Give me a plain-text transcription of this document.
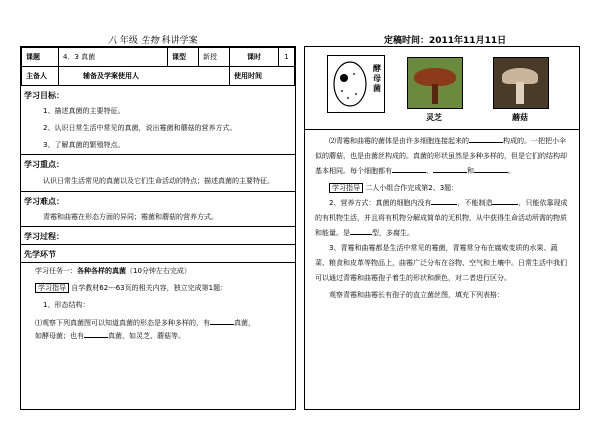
八 年级 生物 科讲学案	定稿时间：2011年11月11日
课题	4．3 真菌	课型	新授	课时	1
主备人	辅备及学案使用人			使用时间	
学习目标：
1、描述真菌的主要特征。
2、认识日常生活中常见的真菌，说出霉菌和蘑菇的营养方式。
3、了解真菌的繁殖特点。
学习重点：
认识日常生活常见的真菌以及它们生命活动的特点；描述真菌的主要特征。
学习难点：
青霉和曲霉在形态方面的异同；霉菌和蘑菇的营养方式。
学习过程：
先学环节
学习任务一：各种各样的真菌（10分钟左右完成）
学习指导 自学教材62---63页的相关内容，独立完成第1题：
1、形态结构：
⑴观察下列真菌图可以知道真菌的形态是多种多样的，有	真菌，
如酵母菌；也有	真菌，如灵芝、蘑菇等。
酵
母
菌
灵芝	蘑菇

⑵青霉和曲霉的菌体是由许多细胞连接起来的	构成的。一把把小伞似的蘑菇，也是由菌丝构成的。真菌的形状虽然是多种多样的，但是它们的结构却基本相同。每个细胞都有	、	和	。

学习指导 二人小组合作完成第2、3题：

2、营养方式：真菌的细胞内没有	，不能制造	，只能依靠现成的有机物生活，并且将有机物分解成简单的无机物，从中获得生命活动所需的物质和能量。是	型，多腐生。

3、青霉和曲霉都是生活中常见的霉菌，青霉常分布在腐败变质的水果、蔬菜、粮食和皮革等物品上，曲霉广泛分布在谷物、空气和土壤中。日常生活中我们可以通过青霉和曲霉孢子着生的形状和颜色，对二者进行区分。

观察青霉和曲霉长有孢子的直立菌丝图，填充下列表格：
